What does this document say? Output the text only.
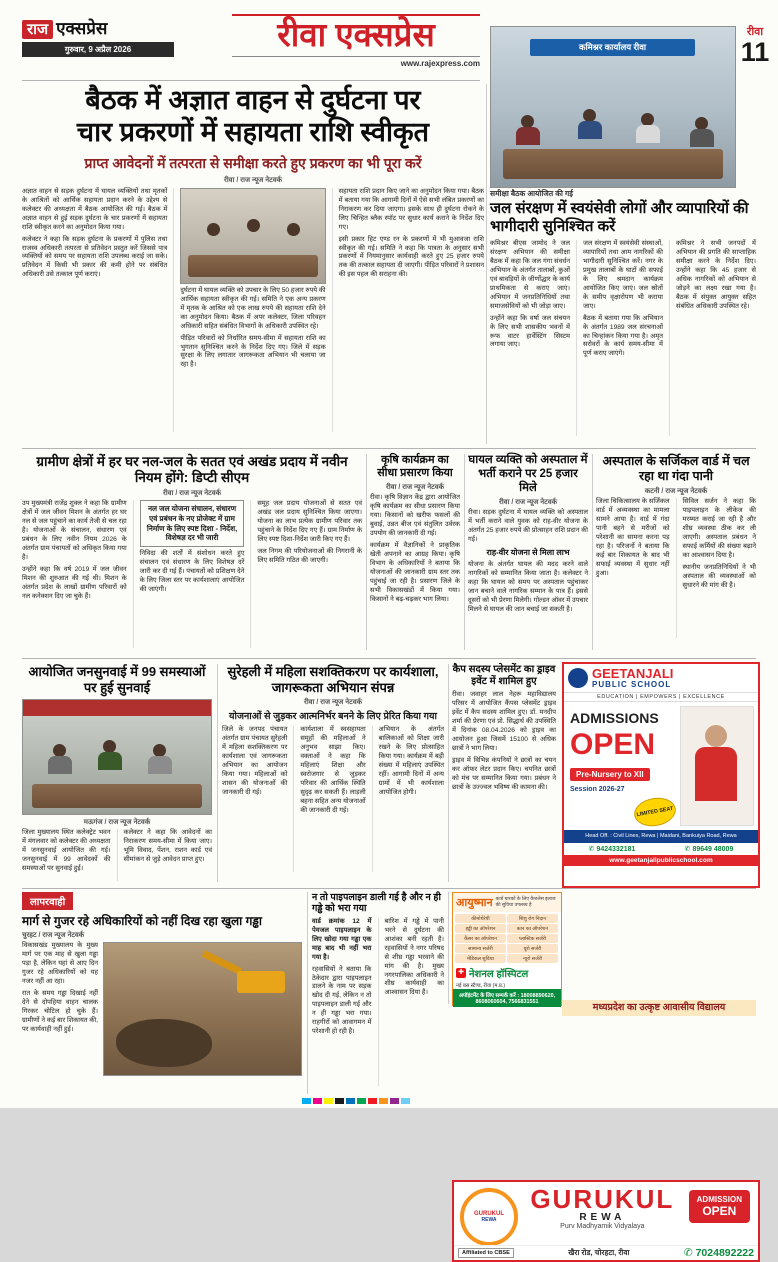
राज एक्सप्रेस
गुरुवार, 9 अप्रैल 2026	रीवा एक्सप्रेस
www.rajexpress.com
रीवा
11
कमिश्नर कार्यालय रीवा
समीक्षा बैठक आयोजित की गई
बैठक में अज्ञात वाहन से दुर्घटना पर
चार प्रकरणों में सहायता राशि स्वीकृत
प्राप्त आवेदनों में तत्परता से समीक्षा करते हुए प्रकरण का भी पूरा करें
रीवा / राज न्यूज नेटवर्क

अज्ञात वाहन से सड़क दुर्घटना में घायल व्यक्तियों तथा मृतकों के आश्रितों को आर्थिक सहायता प्रदान करने के उद्देश्य से कलेक्टर की अध्यक्षता में बैठक आयोजित की गई। बैठक में अज्ञात वाहन से हुई सड़क दुर्घटना के चार प्रकरणों में सहायता राशि स्वीकृत करने का अनुमोदन किया गया।

कलेक्टर ने कहा कि सड़क दुर्घटना के प्रकरणों में पुलिस तथा राजस्व अधिकारी तत्परता से प्रतिवेदन प्रस्तुत करें जिससे पात्र व्यक्तियों को समय पर सहायता राशि उपलब्ध कराई जा सके। प्रतिवेदन में किसी भी प्रकार की कमी होने पर संबंधित अधिकारी उसे तत्काल पूर्ण कराएं।

दुर्घटना में घायल व्यक्ति को उपचार के लिए 50 हजार रुपये की आर्थिक सहायता स्वीकृत की गई। समिति ने एक अन्य प्रकरण में मृतक के आश्रित को एक लाख रुपये की सहायता राशि देने का अनुमोदन किया। बैठक में अपर कलेक्टर, जिला परिवहन अधिकारी सहित संबंधित विभागों के अधिकारी उपस्थित रहे।

पीड़ित परिवारों को निर्धारित समय-सीमा में सहायता राशि का भुगतान सुनिश्चित करने के निर्देश दिए गए। जिले में सड़क सुरक्षा के लिए लगातार जागरूकता अभियान भी चलाया जा रहा है।

सहायता राशि प्रदान किए जाने का अनुमोदन किया गया। बैठक में बताया गया कि आगामी दिनों में ऐसे सभी लंबित प्रकरणों का निराकरण कर दिया जाएगा। इसके साथ ही दुर्घटना रोकने के लिए चिन्हित ब्लैक स्पॉट पर सुधार कार्य कराने के निर्देश दिए गए।

इसी प्रकार हिट एण्ड रन के प्रकरणों में भी मुआवजा राशि स्वीकृत की गई। समिति ने कहा कि पात्रता के अनुसार सभी प्रकरणों में नियमानुसार कार्यवाही करते हुए 25 हजार रुपये तक की तत्काल सहायता दी जाएगी। पीड़ित परिवारों ने प्रशासन की इस पहल की सराहना की।

जल संरक्षण में स्वयंसेवी लोगों और व्यापारियों की भागीदारी सुनिश्चित करें

कमिश्नर बीएस जामोद ने जल संरक्षण अभियान की समीक्षा बैठक में कहा कि जल गंगा संवर्धन अभियान के अंतर्गत तालाबों, कुओं एवं बावड़ियों के जीर्णोद्धार के कार्य प्राथमिकता से कराए जाएं। अभियान में जनप्रतिनिधियों तथा समाजसेवियों को भी जोड़ा जाए।

उन्होंने कहा कि वर्षा जल संचयन के लिए सभी शासकीय भवनों में रूफ वाटर हार्वेस्टिंग सिस्टम लगाया जाए।

जल संरक्षण में स्वयंसेवी संस्थाओं, व्यापारियों तथा आम नागरिकों की भागीदारी सुनिश्चित करें। नगर के प्रमुख तालाबों के घाटों की सफाई के लिए श्रमदान कार्यक्रम आयोजित किए जाएं। जल स्रोतों के समीप वृक्षारोपण भी कराया जाए।

बैठक में बताया गया कि अभियान के अंतर्गत 1989 जल संरचनाओं का चिन्हांकन किया गया है। अमृत सरोवरों के कार्य समय-सीमा में पूर्ण कराए जाएंगे।

कमिश्नर ने सभी जनपदों में अभियान की प्रगति की साप्ताहिक समीक्षा करने के निर्देश दिए। उन्होंने कहा कि 45 हजार से अधिक नागरिकों को अभियान से जोड़ने का लक्ष्य रखा गया है। बैठक में संयुक्त आयुक्त सहित संबंधित अधिकारी उपस्थित रहे।

ग्रामीण क्षेत्रों में हर घर नल-जल के सतत एवं अखंड प्रदाय में नवीन नियम होंगे: डिप्टी सीएम
रीवा / राज न्यूज नेटवर्क

उप मुख्यमंत्री राजेंद्र शुक्ल ने कहा कि ग्रामीण क्षेत्रों में जल जीवन मिशन के अंतर्गत हर घर नल से जल पहुंचाने का कार्य तेजी से चल रहा है। योजनाओं के संचालन, संधारण एवं प्रबंधन के लिए नवीन नियम 2026 के अंतर्गत ग्राम पंचायतों को अधिकृत किया गया है।

उन्होंने कहा कि वर्ष 2019 में जल जीवन मिशन की शुरुआत की गई थी। मिशन के अंतर्गत प्रदेश के लाखों ग्रामीण परिवारों को नल कनेक्शन दिए जा चुके हैं।

नल जल योजना संचालन, संधारण एवं प्रबंधन के नए प्रोजेक्ट में ग्राम निर्माण के लिए स्पष्ट दिशा - निर्देश, विशेषज्ञ दर भी जारी

निविदा की शर्तों में संशोधन करते हुए संचालन एवं संधारण के लिए विशेषज्ञ दरें जारी कर दी गई हैं। पंचायतों को प्रशिक्षण देने के लिए जिला स्तर पर कार्यशालाएं आयोजित की जाएंगी।

समूह जल प्रदाय योजनाओं से सतत एवं अखंड जल प्रदाय सुनिश्चित किया जाएगा। योजना का लाभ प्रत्येक ग्रामीण परिवार तक पहुंचाने के निर्देश दिए गए हैं। ग्राम निर्माण के लिए स्पष्ट दिशा-निर्देश जारी किए गए हैं।

जल निगम की परियोजनाओं की निगरानी के लिए समिति गठित की जाएगी।

कृषि कार्यक्रम का सीधा प्रसारण किया
रीवा / राज न्यूज नेटवर्क

रीवा। कृषि विज्ञान केंद्र द्वारा आयोजित कृषि कार्यक्रम का सीधा प्रसारण किया गया। किसानों को खरीफ फसलों की बुवाई, उन्नत बीज एवं संतुलित उर्वरक उपयोग की जानकारी दी गई।

कार्यक्रम में वैज्ञानिकों ने प्राकृतिक खेती अपनाने का आग्रह किया। कृषि विभाग के अधिकारियों ने बताया कि योजनाओं की जानकारी ग्राम स्तर तक पहुंचाई जा रही है। प्रसारण जिले के सभी विकासखंडों में किया गया। किसानों ने बढ़-चढ़कर भाग लिया।

घायल व्यक्ति को अस्पताल में भर्ती कराने पर 25 हजार मिले
रीवा / राज न्यूज नेटवर्क

रीवा। सड़क दुर्घटना में घायल व्यक्ति को अस्पताल में भर्ती कराने वाले युवक को राह-वीर योजना के अंतर्गत 25 हजार रुपये की प्रोत्साहन राशि प्रदान की गई।

राह-वीर योजना से मिला लाभ

योजना के अंतर्गत घायल की मदद करने वाले नागरिकों को सम्मानित किया जाता है। कलेक्टर ने कहा कि घायल को समय पर अस्पताल पहुंचाकर जान बचाने वाले नागरिक सम्मान के पात्र हैं। इससे दूसरों को भी प्रेरणा मिलेगी। गोल्डन ऑवर में उपचार मिलने से घायल की जान बचाई जा सकती है।

अस्पताल के सर्जिकल वार्ड में चल रहा था गंदा पानी
कटनी / राज न्यूज नेटवर्क

जिला चिकित्सालय के सर्जिकल वार्ड में अव्यवस्था का मामला सामने आया है। वार्ड में गंदा पानी बहने से मरीजों को परेशानी का सामना करना पड़ रहा है। परिजनों ने बताया कि कई बार शिकायत के बाद भी सफाई व्यवस्था में सुधार नहीं हुआ।

सिविल सर्जन ने कहा कि पाइपलाइन के लीकेज की मरम्मत कराई जा रही है और शीघ्र व्यवस्था ठीक कर ली जाएगी। अस्पताल प्रबंधन ने सफाई कर्मियों की संख्या बढ़ाने का आश्वासन दिया है।

स्थानीय जनप्रतिनिधियों ने भी अस्पताल की व्यवस्थाओं को सुधारने की मांग की है।

आयोजित जनसुनवाई में 99 समस्याओं पर हुई सुनवाई
मऊगंज / राज न्यूज नेटवर्क

जिला मुख्यालय स्थित कलेक्ट्रेट भवन में मंगलवार को कलेक्टर की अध्यक्षता में जनसुनवाई आयोजित की गई। जनसुनवाई में 99 आवेदकों की समस्याओं पर सुनवाई हुई।

कलेक्टर ने कहा कि आवेदनों का निराकरण समय-सीमा में किया जाए। भूमि विवाद, पेंशन, राशन कार्ड एवं सीमांकन से जुड़े आवेदन प्राप्त हुए।

सुरेहली में महिला सशक्तिकरण पर कार्यशाला, जागरूकता अभियान संपन्न
रीवा / राज न्यूज नेटवर्क
योजनाओं से जुड़कर आत्मनिर्भर बनने के लिए प्रेरित किया गया

जिले के जनपद पंचायत अंतर्गत ग्राम पंचायत सुरेहली में महिला सशक्तिकरण पर कार्यशाला एवं जागरूकता अभियान का आयोजन किया गया। महिलाओं को शासन की योजनाओं की जानकारी दी गई।

कार्यशाला में स्वसहायता समूहों की महिलाओं ने अनुभव साझा किए। वक्ताओं ने कहा कि महिलाएं शिक्षा और स्वरोजगार से जुड़कर परिवार की आर्थिक स्थिति सुदृढ़ कर सकती हैं। लाड़ली बहना सहित अन्य योजनाओं की जानकारी दी गई।

अभियान के अंतर्गत बालिकाओं को शिक्षा जारी रखने के लिए प्रोत्साहित किया गया। कार्यक्रम में बड़ी संख्या में महिलाएं उपस्थित रहीं। आगामी दिनों में अन्य ग्रामों में भी कार्यशाला आयोजित होगी।

कैप सदस्य प्लेसमेंट का ड्राइव इवेंट में शामिल हुए

रीवा। जवाहर लाल नेहरू महाविद्यालय परिसर में आयोजित कैंपस प्लेसमेंट ड्राइव इवेंट में कैप सदस्य शामिल हुए। डॉ. मनदीप शर्मा की प्रेरणा एवं प्रो. सिद्धार्थ की उपस्थिति में दिनांक 08.04.2026 को ड्राइव का आयोजन हुआ जिसमें 15100 से अधिक छात्रों ने भाग लिया।

ड्राइव में विभिन्न कंपनियों ने छात्रों का चयन कर ऑफर लेटर प्रदान किए। चयनित छात्रों को मंच पर सम्मानित किया गया। प्रबंधन ने छात्रों के उज्ज्वल भविष्य की कामना की।

GEETANJALI
PUBLIC SCHOOL
EDUCATION | EMPOWERS | EXCELLENCE
ADMISSIONS
OPEN
Pre-Nursery to XII
Session 2026-27
LIMITED SEAT
Head Off. : Civil Lines, Rewa | Maidani, Bankuiya Road, Rewa
✆ 9424332181	✆ 89649 48009
www.geetanjalipublicschool.com
लापरवाही
मार्ग से गुजर रहे अधिकारियों को नहीं दिख रहा खुला गड्ढा
चुरहट / राज न्यूज नेटवर्क

विकासखंड मुख्यालय के मुख्य मार्ग पर एक माह से खुला गड्ढा पड़ा है, लेकिन यहां से आए दिन गुजर रहे अधिकारियों को यह नजर नहीं आ रहा।

रात के समय गड्ढा दिखाई नहीं देने से दोपहिया वाहन चालक गिरकर चोटिल हो चुके हैं। ग्रामीणों ने कई बार शिकायत की, पर कार्यवाही नहीं हुई।

न तो पाइपलाइन डाली गई है और न ही गड्ढे को भरा गया

वार्ड क्रमांक 12 में पेयजल पाइपलाइन के लिए खोदा गया गड्ढा एक माह बाद भी नहीं भरा गया है।

रहवासियों ने बताया कि ठेकेदार द्वारा पाइपलाइन डालने के नाम पर सड़क खोद दी गई, लेकिन न तो पाइपलाइन डाली गई और न ही गड्ढा भरा गया। राहगीरों को आवागमन में परेशानी हो रही है।

बारिश में गड्ढे में पानी भरने से दुर्घटना की आशंका बनी रहती है। रहवासियों ने नगर परिषद से शीघ्र गड्ढा भरवाने की मांग की है। मुख्य नगरपालिका अधिकारी ने शीघ्र कार्यवाही का आश्वासन दिया है।

आयुष्मान कार्ड धारकों के लिए कैशलेस इलाज की सुविधा उपलब्ध है
कीमोथेरेपी	शिशु रोग निदान
हड्डी का ऑपरेशन	कान का ऑपरेशन
कैंसर का ऑपरेशन	प्लास्टिक सर्जरी
सामान्य सर्जरी	यूरो सर्जरी
मेडिकल सुविधा	न्यूरो सर्जरी
✚ नेशनल हॉस्पिटल
नई बस स्टैण्ड, रीवा (म.प्र.)
अपॉइंटमेंट के लिए सम्पर्क करें : 18008890620, 8608060604, 7566831551	मध्यप्रदेश का उत्कृष्ट आवासीय विद्यालय
GURUKUL
REWA
GURUKUL
REWA
Purv Madhyamik Vidyalaya
ADMISSION
OPEN
Affiliated to CBSE	खैरा रोड, चोरहटा, रीवा	✆ 7024892222
